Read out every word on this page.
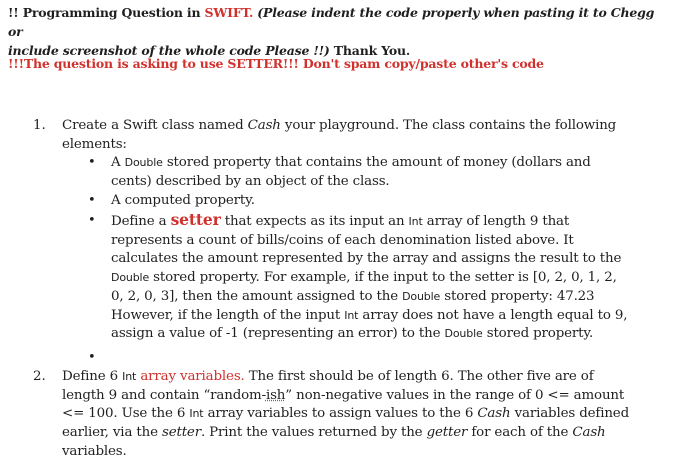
!! Programming Question in SWIFT. (Please indent the code properly when pasting it to Chegg or
include screenshot of the whole code Please !!) Thank You.
!!!The question is asking to use SETTER!!! Don't spam copy/paste other's code
1. Create a Swift class named Cash your playground. The class contains the following
elements:
• A Double stored property that contains the amount of money (dollars and
cents) described by an object of the class.
• A computed property.
• Define a setter that expects as its input an Int array of length 9 that
represents a count of bills/coins of each denomination listed above. It
calculates the amount represented by the array and assigns the result to the
Double stored property. For example, if the input to the setter is [0, 2, 0, 1, 2,
0, 2, 0, 3], then the amount assigned to the Double stored property: 47.23
However, if the length of the input Int array does not have a length equal to 9,
assign a value of -1 (representing an error) to the Double stored property.
•
2. Define 6 Int array variables. The first should be of length 6. The other five are of
length 9 and contain “random-ish” non-negative values in the range of 0 <= amount
<= 100. Use the 6 Int array variables to assign values to the 6 Cash variables defined
earlier, via the setter. Print the values returned by the getter for each of the Cash
variables.
